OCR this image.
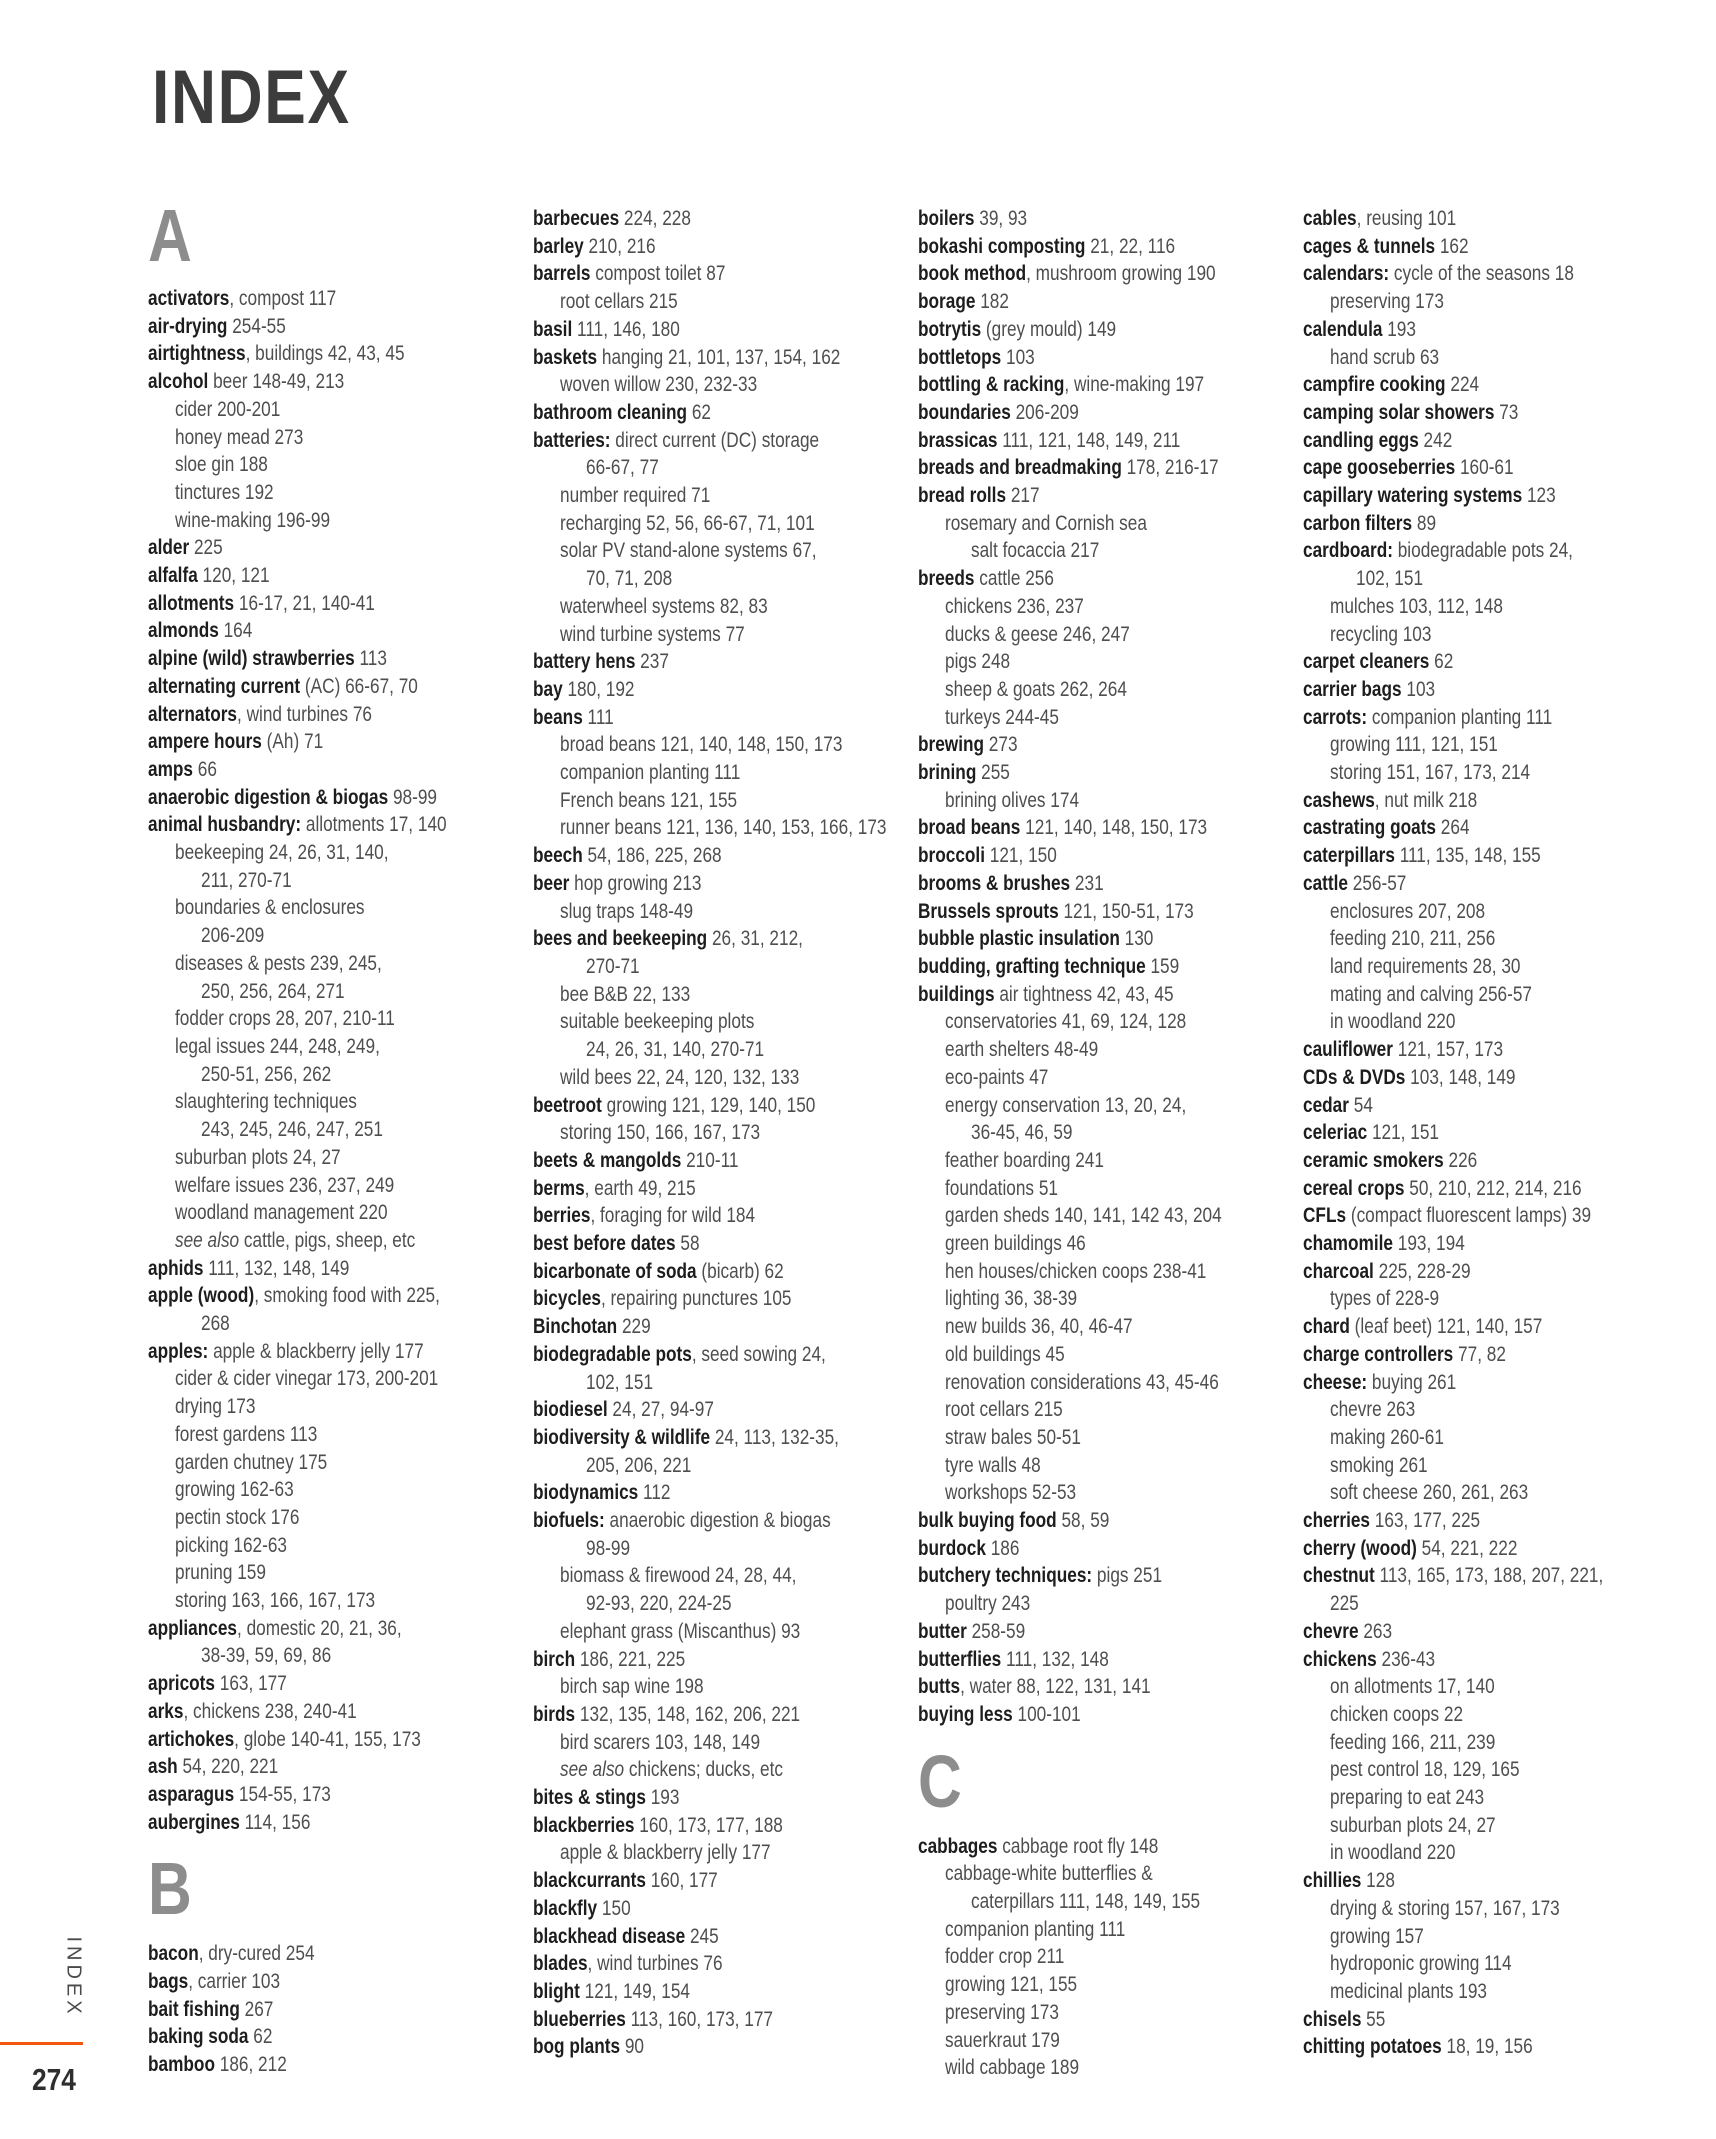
INDEX
A
activators, compost 117
air-drying 254-55
airtightness, buildings 42, 43, 45
alcohol beer 148-49, 213
cider 200-201
honey mead 273
sloe gin 188
tinctures 192
wine-making 196-99
alder 225
alfalfa 120, 121
allotments 16-17, 21, 140-41
almonds 164
alpine (wild) strawberries 113
alternating current (AC) 66-67, 70
alternators, wind turbines 76
ampere hours (Ah) 71
amps 66
anaerobic digestion & biogas 98-99
animal husbandry: allotments 17, 140
beekeeping 24, 26, 31, 140,
211, 270-71
boundaries & enclosures
206-209
diseases & pests 239, 245,
250, 256, 264, 271
fodder crops 28, 207, 210-11
legal issues 244, 248, 249,
250-51, 256, 262
slaughtering techniques
243, 245, 246, 247, 251
suburban plots 24, 27
welfare issues 236, 237, 249
woodland management 220
see also cattle, pigs, sheep, etc
aphids 111, 132, 148, 149
apple (wood), smoking food with 225,
268
apples: apple & blackberry jelly 177
cider & cider vinegar 173, 200-201
drying 173
forest gardens 113
garden chutney 175
growing 162-63
pectin stock 176
picking 162-63
pruning 159
storing 163, 166, 167, 173
appliances, domestic 20, 21, 36,
38-39, 59, 69, 86
apricots 163, 177
arks, chickens 238, 240-41
artichokes, globe 140-41, 155, 173
ash 54, 220, 221
asparagus 154-55, 173
aubergines 114, 156
B
bacon, dry-cured 254
bags, carrier 103
bait fishing 267
baking soda 62
bamboo 186, 212
barbecues 224, 228
barley 210, 216
barrels compost toilet 87
root cellars 215
basil 111, 146, 180
baskets hanging 21, 101, 137, 154, 162
woven willow 230, 232-33
bathroom cleaning 62
batteries: direct current (DC) storage
66-67, 77
number required 71
recharging 52, 56, 66-67, 71, 101
solar PV stand-alone systems 67,
70, 71, 208
waterwheel systems 82, 83
wind turbine systems 77
battery hens 237
bay 180, 192
beans 111
broad beans 121, 140, 148, 150, 173
companion planting 111
French beans 121, 155
runner beans 121, 136, 140, 153, 166, 173
beech 54, 186, 225, 268
beer hop growing 213
slug traps 148-49
bees and beekeeping 26, 31, 212,
270-71
bee B&B 22, 133
suitable beekeeping plots
24, 26, 31, 140, 270-71
wild bees 22, 24, 120, 132, 133
beetroot growing 121, 129, 140, 150
storing 150, 166, 167, 173
beets & mangolds 210-11
berms, earth 49, 215
berries, foraging for wild 184
best before dates 58
bicarbonate of soda (bicarb) 62
bicycles, repairing punctures 105
Binchotan 229
biodegradable pots, seed sowing 24,
102, 151
biodiesel 24, 27, 94-97
biodiversity & wildlife 24, 113, 132-35,
205, 206, 221
biodynamics 112
biofuels: anaerobic digestion & biogas
98-99
biomass & firewood 24, 28, 44,
92-93, 220, 224-25
elephant grass (Miscanthus) 93
birch 186, 221, 225
birch sap wine 198
birds 132, 135, 148, 162, 206, 221
bird scarers 103, 148, 149
see also chickens; ducks, etc
bites & stings 193
blackberries 160, 173, 177, 188
apple & blackberry jelly 177
blackcurrants 160, 177
blackfly 150
blackhead disease 245
blades, wind turbines 76
blight 121, 149, 154
blueberries 113, 160, 173, 177
bog plants 90
boilers 39, 93
bokashi composting 21, 22, 116
book method, mushroom growing 190
borage 182
botrytis (grey mould) 149
bottletops 103
bottling & racking, wine-making 197
boundaries 206-209
brassicas 111, 121, 148, 149, 211
breads and breadmaking 178, 216-17
bread rolls 217
rosemary and Cornish sea
salt focaccia 217
breeds cattle 256
chickens 236, 237
ducks & geese 246, 247
pigs 248
sheep & goats 262, 264
turkeys 244-45
brewing 273
brining 255
brining olives 174
broad beans 121, 140, 148, 150, 173
broccoli 121, 150
brooms & brushes 231
Brussels sprouts 121, 150-51, 173
bubble plastic insulation 130
budding, grafting technique 159
buildings air tightness 42, 43, 45
conservatories 41, 69, 124, 128
earth shelters 48-49
eco-paints 47
energy conservation 13, 20, 24,
36-45, 46, 59
feather boarding 241
foundations 51
garden sheds 140, 141, 142 43, 204
green buildings 46
hen houses/chicken coops 238-41
lighting 36, 38-39
new builds 36, 40, 46-47
old buildings 45
renovation considerations 43, 45-46
root cellars 215
straw bales 50-51
tyre walls 48
workshops 52-53
bulk buying food 58, 59
burdock 186
butchery techniques: pigs 251
poultry 243
butter 258-59
butterflies 111, 132, 148
butts, water 88, 122, 131, 141
buying less 100-101
C
cabbages cabbage root fly 148
cabbage-white butterflies &
caterpillars 111, 148, 149, 155
companion planting 111
fodder crop 211
growing 121, 155
preserving 173
sauerkraut 179
wild cabbage 189
cables, reusing 101
cages & tunnels 162
calendars: cycle of the seasons 18
preserving 173
calendula 193
hand scrub 63
campfire cooking 224
camping solar showers 73
candling eggs 242
cape gooseberries 160-61
capillary watering systems 123
carbon filters 89
cardboard: biodegradable pots 24,
102, 151
mulches 103, 112, 148
recycling 103
carpet cleaners 62
carrier bags 103
carrots: companion planting 111
growing 111, 121, 151
storing 151, 167, 173, 214
cashews, nut milk 218
castrating goats 264
caterpillars 111, 135, 148, 155
cattle 256-57
enclosures 207, 208
feeding 210, 211, 256
land requirements 28, 30
mating and calving 256-57
in woodland 220
cauliflower 121, 157, 173
CDs & DVDs 103, 148, 149
cedar 54
celeriac 121, 151
ceramic smokers 226
cereal crops 50, 210, 212, 214, 216
CFLs (compact fluorescent lamps) 39
chamomile 193, 194
charcoal 225, 228-29
types of 228-9
chard (leaf beet) 121, 140, 157
charge controllers 77, 82
cheese: buying 261
chevre 263
making 260-61
smoking 261
soft cheese 260, 261, 263
cherries 163, 177, 225
cherry (wood) 54, 221, 222
chestnut 113, 165, 173, 188, 207, 221,
225
chevre 263
chickens 236-43
on allotments 17, 140
chicken coops 22
feeding 166, 211, 239
pest control 18, 129, 165
preparing to eat 243
suburban plots 24, 27
in woodland 220
chillies 128
drying & storing 157, 167, 173
growing 157
hydroponic growing 114
medicinal plants 193
chisels 55
chitting potatoes 18, 19, 156
INDEX
274
